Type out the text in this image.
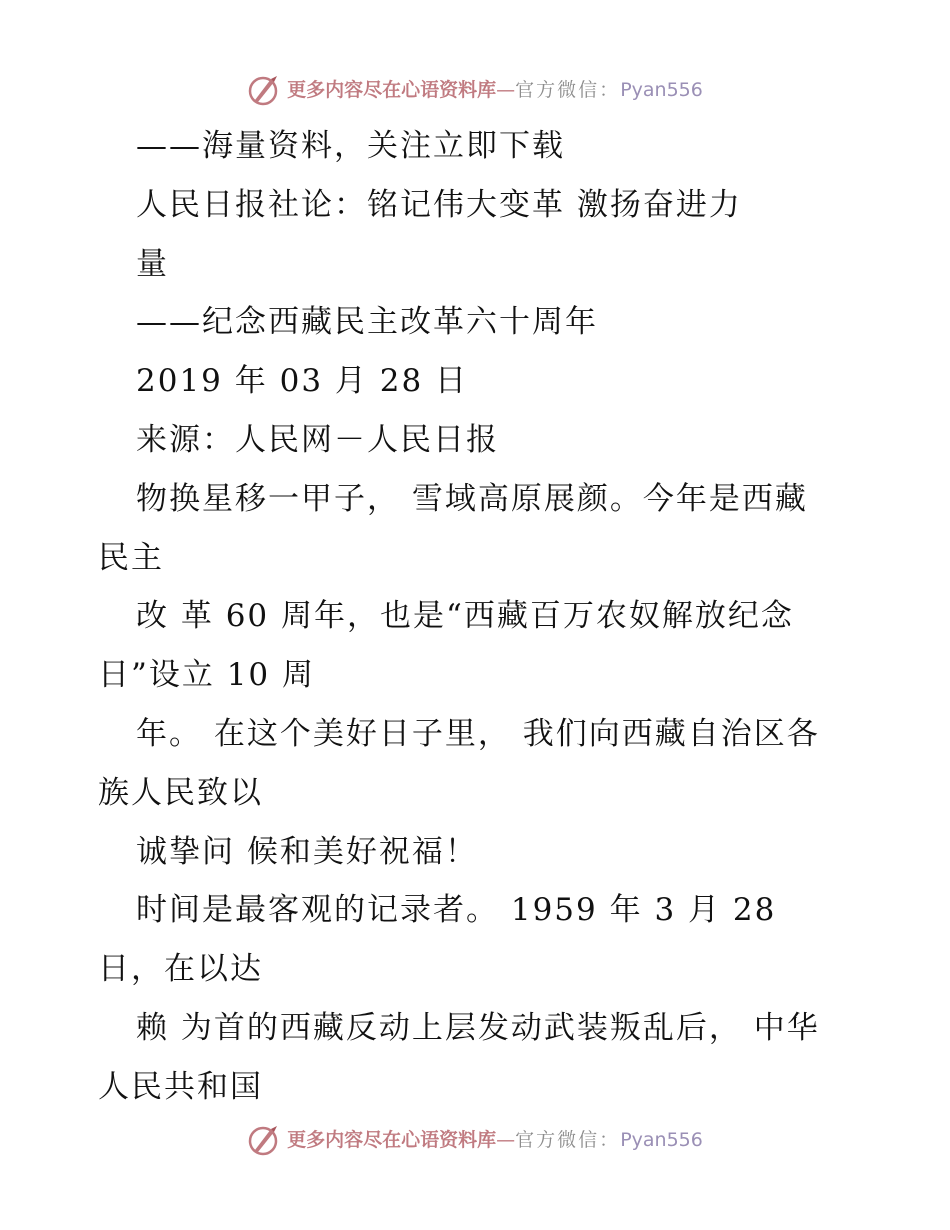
更多内容尽在心语资料库—官方微信：Pyan556
——海量资料，关注立即下载
人民日报社论：铭记伟大变革 激扬奋进力
量
——纪念西藏民主改革六十周年
2019 年 03 月 28 日
来源：人民网－人民日报
物换星移一甲子， 雪域高原展颜。今年是西藏
民主
改 革 60 周年，也是“西藏百万农奴解放纪念
日”设立 10 周
年。 在这个美好日子里， 我们向西藏自治区各
族人民致以
诚挚问 候和美好祝福！
时间是最客观的记录者。 1959 年 3 月 28
日，在以达
赖 为首的西藏反动上层发动武装叛乱后， 中华
人民共和国
更多内容尽在心语资料库—官方微信：Pyan556
